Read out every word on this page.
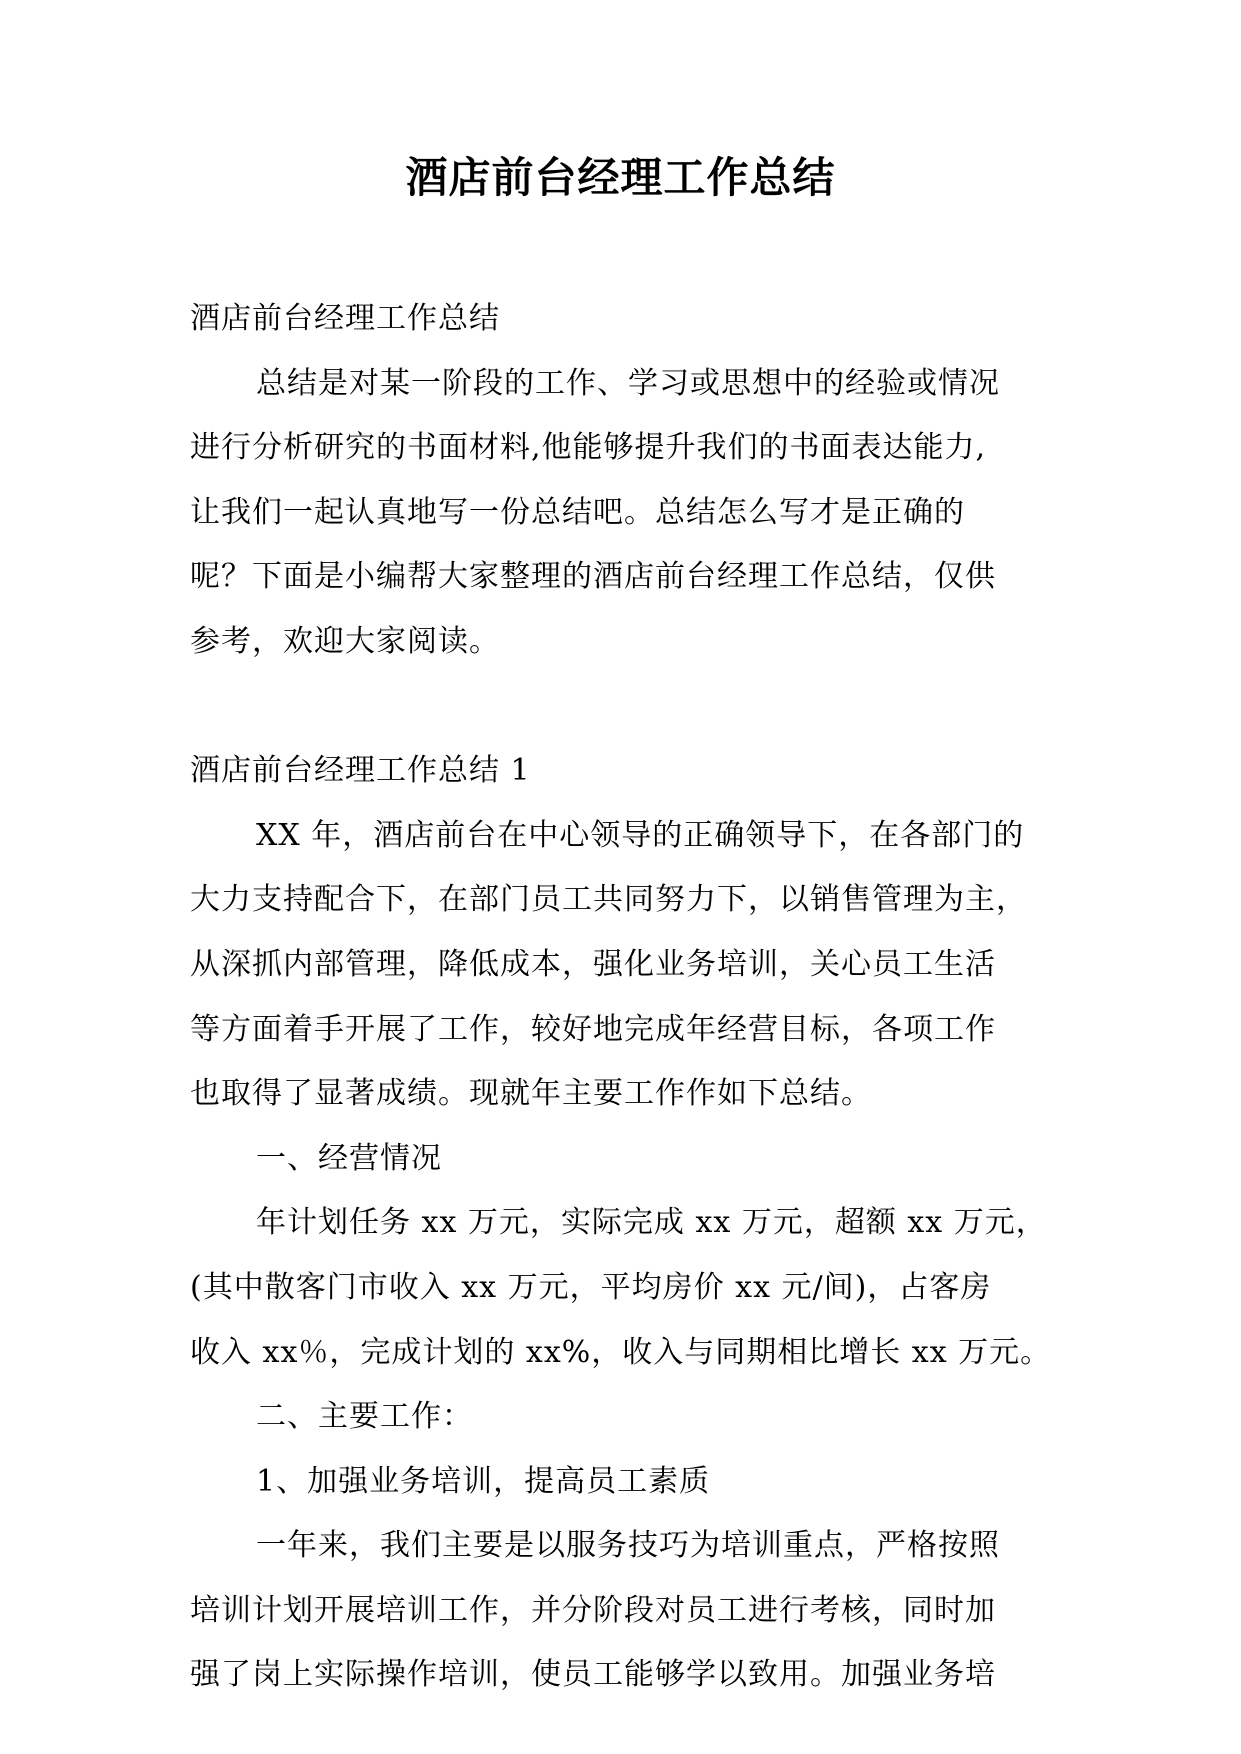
酒店前台经理工作总结

酒店前台经理工作总结

总结是对某一阶段的工作、学习或思想中的经验或情况

进行分析研究的书面材料,他能够提升我们的书面表达能力,

让我们一起认真地写一份总结吧。总结怎么写才是正确的

呢？下面是小编帮大家整理的酒店前台经理工作总结，仅供

参考，欢迎大家阅读。

酒店前台经理工作总结 1

XX 年，酒店前台在中心领导的正确领导下，在各部门的

大力支持配合下，在部门员工共同努力下，以销售管理为主，

从深抓内部管理，降低成本，强化业务培训，关心员工生活

等方面着手开展了工作，较好地完成年经营目标，各项工作

也取得了显著成绩。现就年主要工作作如下总结。

一、经营情况

年计划任务 xx 万元，实际完成 xx 万元，超额 xx 万元，

(其中散客门市收入 xx 万元，平均房价 xx 元/间)，占客房

收入 xx％，完成计划的 xx%，收入与同期相比增长 xx 万元。

二、主要工作：

1、加强业务培训，提高员工素质

一年来，我们主要是以服务技巧为培训重点，严格按照

培训计划开展培训工作，并分阶段对员工进行考核，同时加

强了岗上实际操作培训，使员工能够学以致用。加强业务培
